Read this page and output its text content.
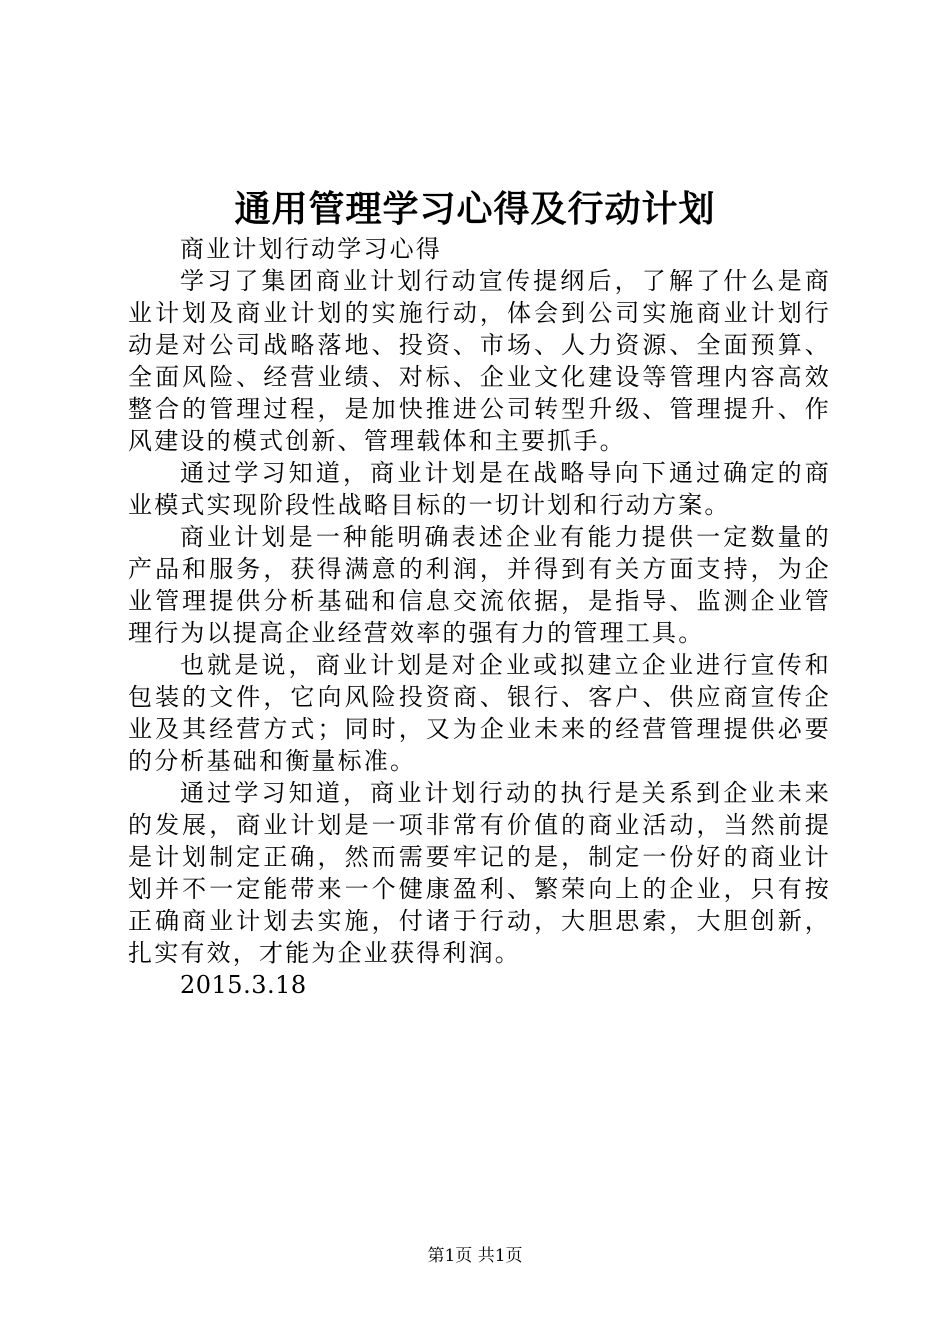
通用管理学习心得及行动计划

商业计划行动学习心得

学习了集团商业计划行动宣传提纲后，了解了什么是商业计划及商业计划的实施行动，体会到公司实施商业计划行动是对公司战略落地、投资、市场、人力资源、全面预算、全面风险、经营业绩、对标、企业文化建设等管理内容高效整合的管理过程，是加快推进公司转型升级、管理提升、作风建设的模式创新、管理载体和主要抓手。

通过学习知道，商业计划是在战略导向下通过确定的商业模式实现阶段性战略目标的一切计划和行动方案。

商业计划是一种能明确表述企业有能力提供一定数量的产品和服务，获得满意的利润，并得到有关方面支持，为企业管理提供分析基础和信息交流依据，是指导、监测企业管理行为以提高企业经营效率的强有力的管理工具。

也就是说，商业计划是对企业或拟建立企业进行宣传和包装的文件，它向风险投资商、银行、客户、供应商宣传企业及其经营方式；同时，又为企业未来的经营管理提供必要的分析基础和衡量标准。

通过学习知道，商业计划行动的执行是关系到企业未来的发展，商业计划是一项非常有价值的商业活动，当然前提是计划制定正确，然而需要牢记的是，制定一份好的商业计划并不一定能带来一个健康盈利、繁荣向上的企业，只有按正确商业计划去实施，付诸于行动，大胆思索，大胆创新，扎实有效，才能为企业获得利润。

2015.3.18

第1页 共1页
